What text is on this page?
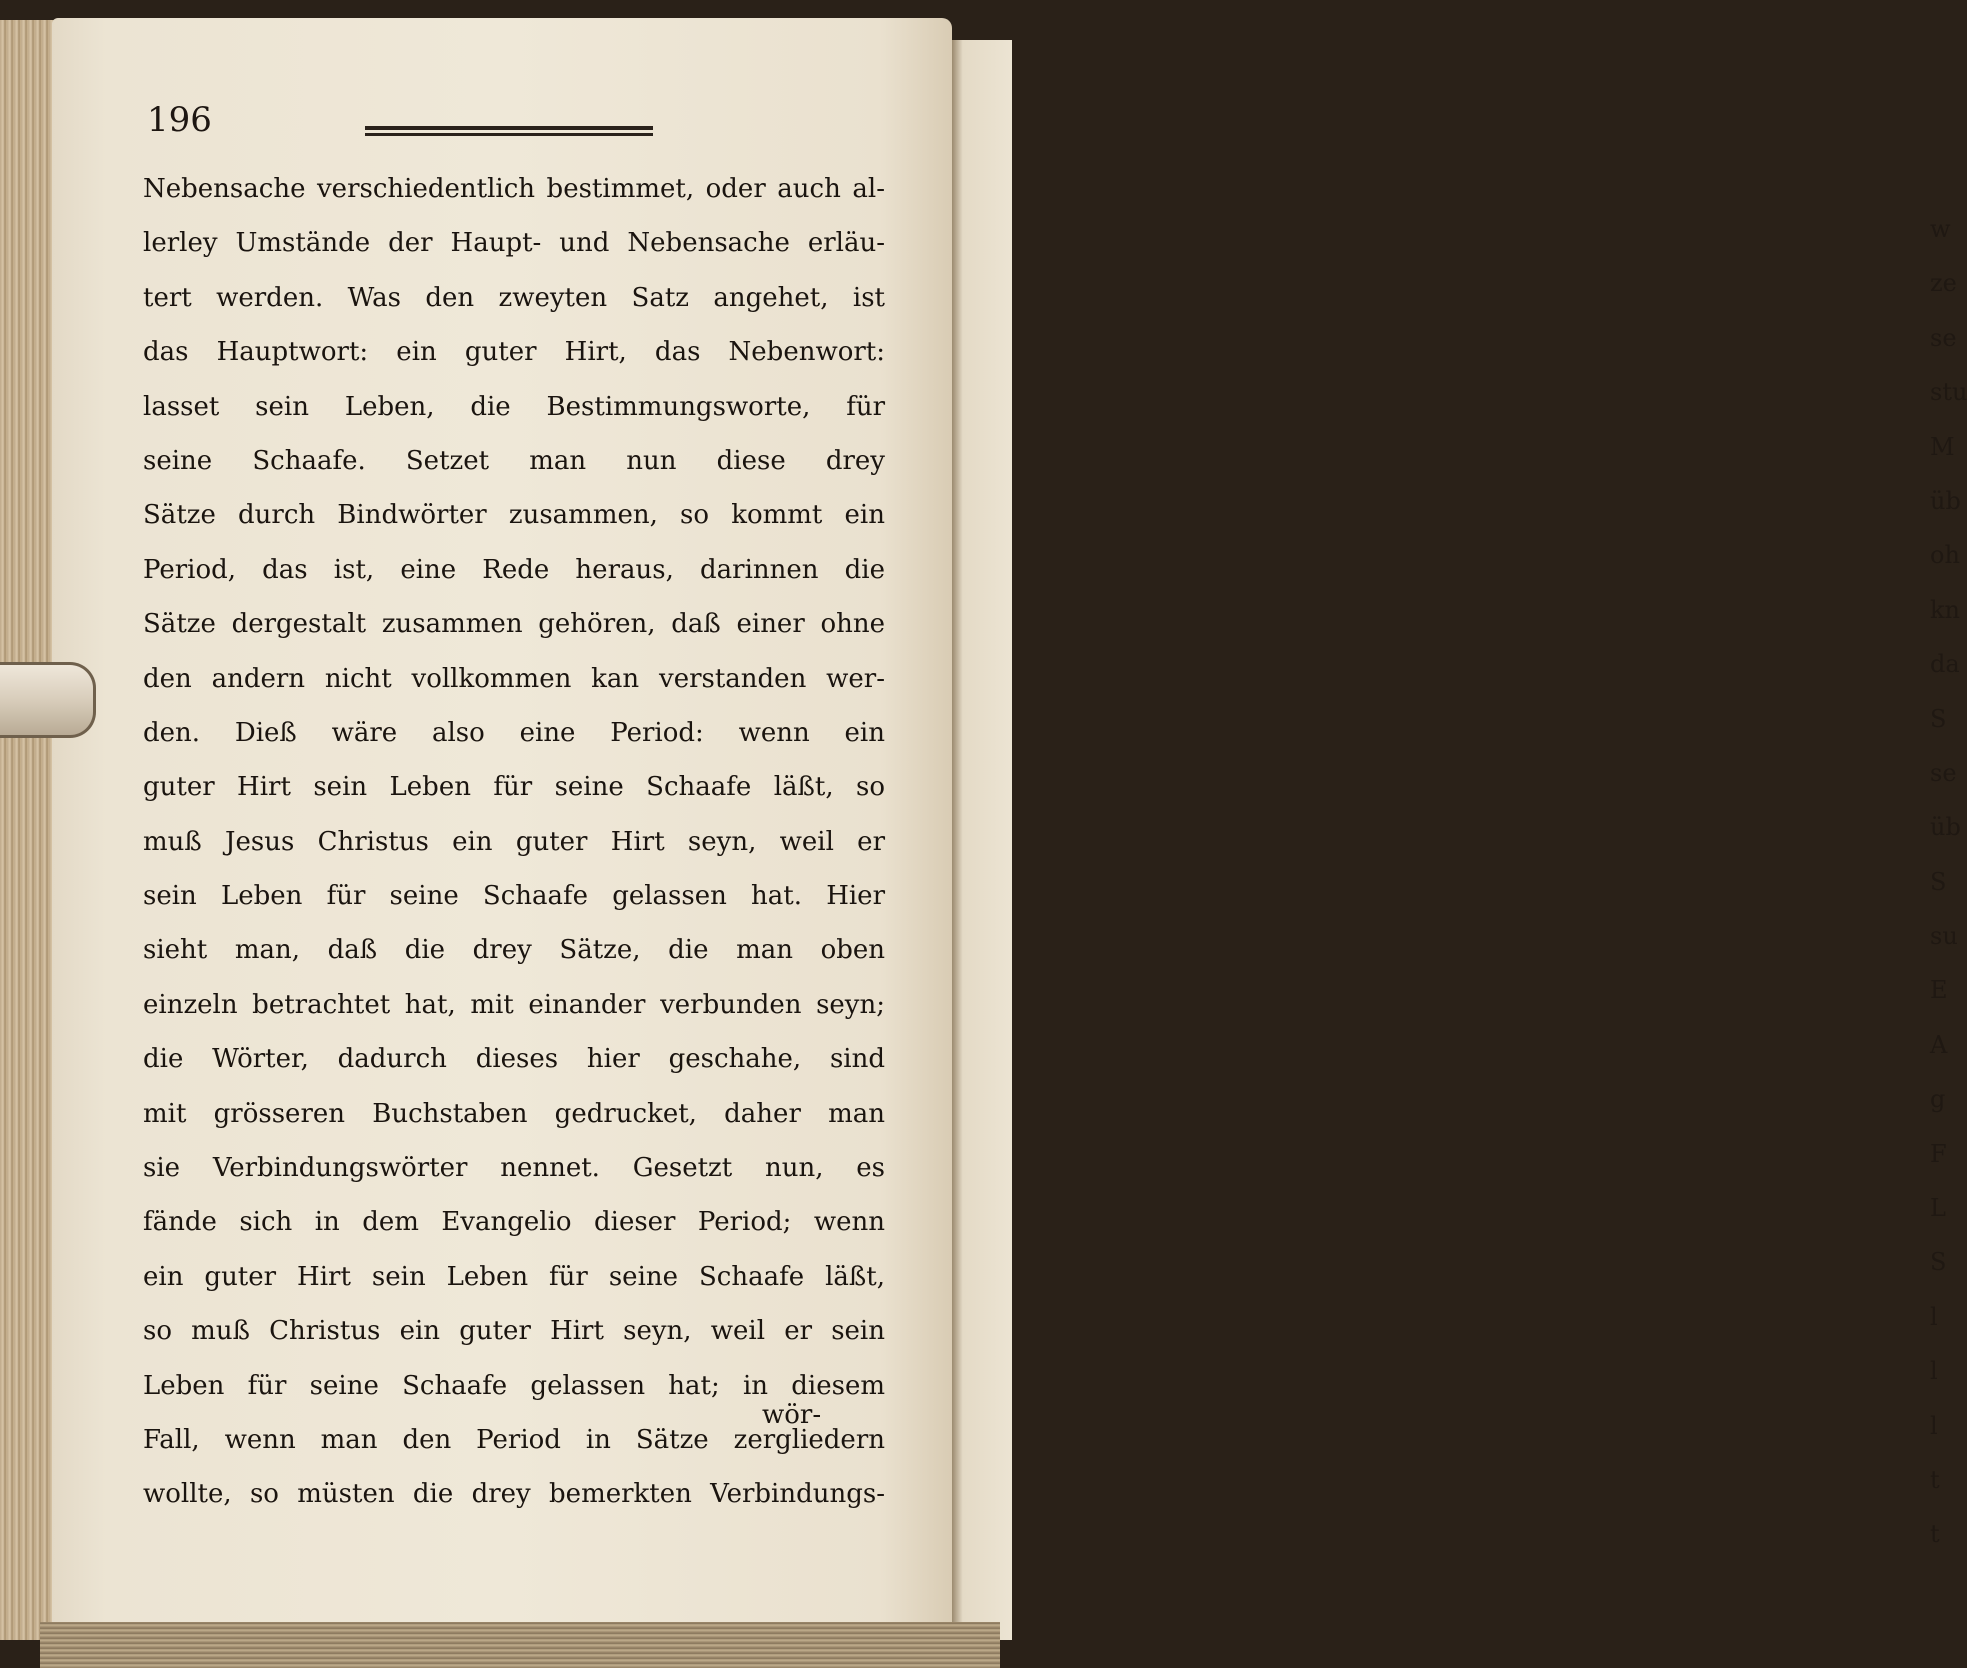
w
ze
se
stu
M
üb
oh
kn
da
S
se
üb
S
su
E
A
g
F
L
S
l
l
l
t
t

196

Nebensache verschiedentlich bestimmet, oder auch al-
lerley Umstände der Haupt- und Nebensache erläu-
tert werden. Was den zweyten Satz angehet, ist
das Hauptwort: ein guter Hirt, das Nebenwort:
lasset sein Leben, die Bestimmungsworte, für
seine Schaafe. Setzet man nun diese drey
Sätze durch Bindwörter zusammen, so kommt ein
Period, das ist, eine Rede heraus, darinnen die
Sätze dergestalt zusammen gehören, daß einer ohne
den andern nicht vollkommen kan verstanden wer-
den. Dieß wäre also eine Period: wenn ein
guter Hirt sein Leben für seine Schaafe läßt, so
muß Jesus Christus ein guter Hirt seyn, weil er
sein Leben für seine Schaafe gelassen hat. Hier
sieht man, daß die drey Sätze, die man oben
einzeln betrachtet hat, mit einander verbunden seyn;
die Wörter, dadurch dieses hier geschahe, sind
mit grösseren Buchstaben gedrucket, daher man
sie Verbindungswörter nennet. Gesetzt nun, es
fände sich in dem Evangelio dieser Period; wenn
ein guter Hirt sein Leben für seine Schaafe läßt,
so muß Christus ein guter Hirt seyn, weil er sein
Leben für seine Schaafe gelassen hat; in diesem
Fall, wenn man den Period in Sätze zergliedern
wollte, so müsten die drey bemerkten Verbindungs-

wör-
